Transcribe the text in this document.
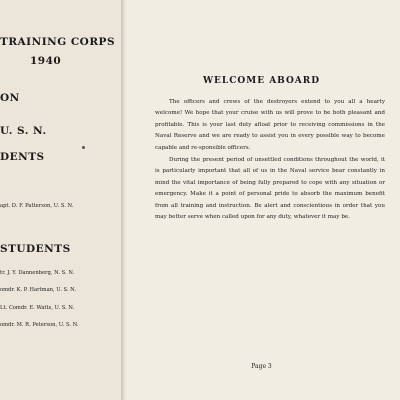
TRAINING CORPS
1940
ON
U. S. N.
DENTS
apt. D. F. Patterson, U. S. N.
STUDENTS
tr. J. Y. Dannenberg, N. S. N.
omdr. K. P. Hartman, U. S. N.
Lt. Comdr. E. Watts, U. S. N.
omdr. M. R. Peterson, U. S. N.
WELCOME ABOARD
The officers and crews of the destroyers extend to you all a hearty welcome! We hope that your cruise with us will prove to be both pleasant and profitable. This is your last duty afloat prior to receiving commissions in the Naval Reserve and we are ready to assist you in every possible way to become capable and re-sponsible officers.
During the present period of unsettled conditions throughout the world, it is particularly important that all of us in the Naval service bear constantly in mind the vital importance of being fully prepared to cope with any situation or emergency. Make it a point of personal pride to absorb the maximum benefit from all training and instruction. Be alert and conscientious in order that you may better serve when called upon for any duty, whatever it may be.
Page 3
